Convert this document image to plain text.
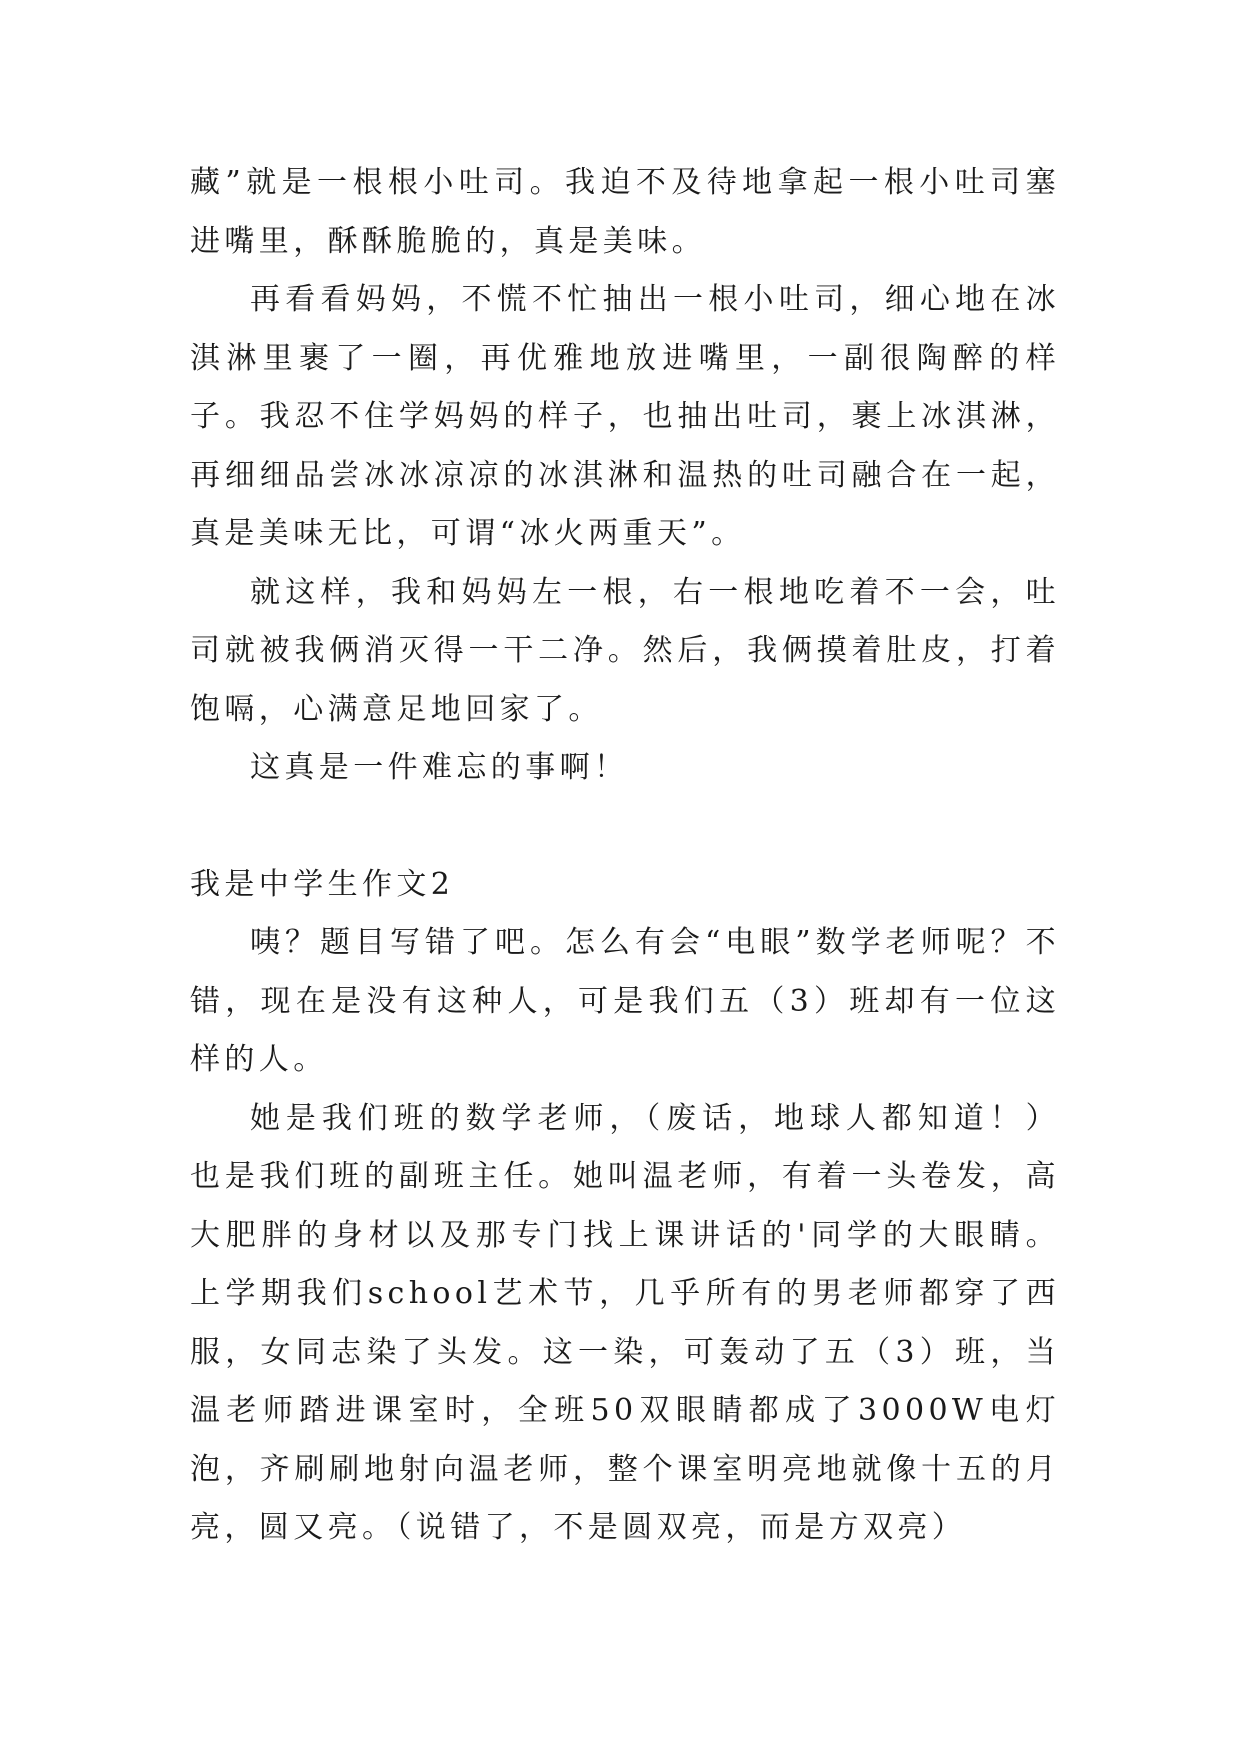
藏”就是一根根小吐司。我迫不及待地拿起一根小吐司塞进嘴里，酥酥脆脆的，真是美味。

再看看妈妈，不慌不忙抽出一根小吐司，细心地在冰淇淋里裹了一圈，再优雅地放进嘴里，一副很陶醉的样子。我忍不住学妈妈的样子，也抽出吐司，裹上冰淇淋，再细细品尝冰冰凉凉的冰淇淋和温热的吐司融合在一起，真是美味无比，可谓“冰火两重天”。

就这样，我和妈妈左一根，右一根地吃着不一会，吐司就被我俩消灭得一干二净。然后，我俩摸着肚皮，打着饱嗝，心满意足地回家了。

这真是一件难忘的事啊！

我是中学生作文2

咦？题目写错了吧。怎么有会“电眼”数学老师呢？不错，现在是没有这种人，可是我们五（3）班却有一位这样的人。

她是我们班的数学老师，（废话，地球人都知道！）也是我们班的副班主任。她叫温老师，有着一头卷发，高大肥胖的身材以及那专门找上课讲话的'同学的大眼睛。上学期我们school艺术节，几乎所有的男老师都穿了西服，女同志染了头发。这一染，可轰动了五（3）班，当温老师踏进课室时，全班50双眼睛都成了3000W电灯泡，齐刷刷地射向温老师，整个课室明亮地就像十五的月亮，圆又亮。（说错了，不是圆双亮，而是方双亮）
